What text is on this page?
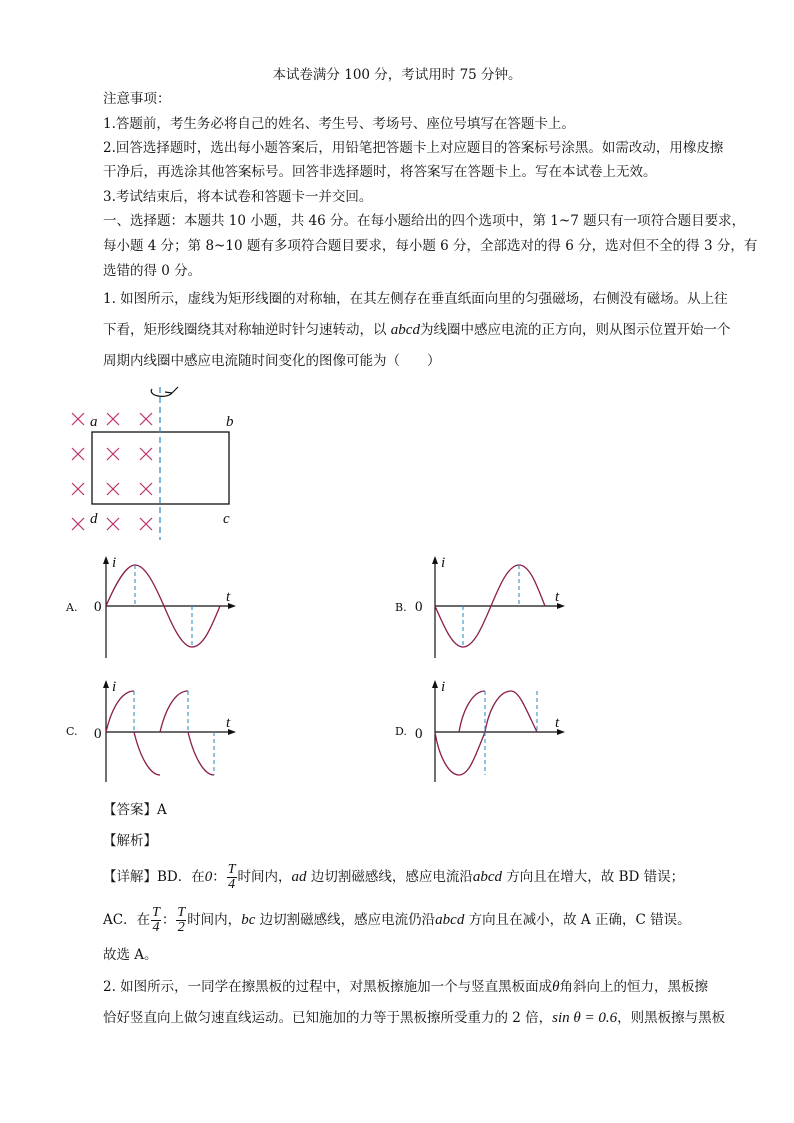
本试卷满分 100 分，考试用时 75 分钟。
注意事项：
1.答题前，考生务必将自己的姓名、考生号、考场号、座位号填写在答题卡上。
2.回答选择题时，选出每小题答案后，用铅笔把答题卡上对应题目的答案标号涂黑。如需改动，用橡皮擦
干净后，再选涂其他答案标号。回答非选择题时，将答案写在答题卡上。写在本试卷上无效。
3.考试结束后，将本试卷和答题卡一并交回。
一、选择题：本题共 10 小题，共 46 分。在每小题给出的四个选项中，第 1~7 题只有一项符合题目要求，
每小题 4 分；第 8~10 题有多项符合题目要求，每小题 6 分，全部选对的得 6 分，选对但不全的得 3 分，有
选错的得 0 分。
1. 如图所示，虚线为矩形线圈的对称轴，在其左侧存在垂直纸面向里的匀强磁场，右侧没有磁场。从上往
下看，矩形线圈绕其对称轴逆时针匀速转动，以 abcd为线圈中感应电流的正方向，则从图示位置开始一个
周期内线圈中感应电流随时间变化的图像可能为（　　）
a	b
d	c
A.
i
t
0	B.
i
t
0
C.
i
t
0	D.
i
t
0
【答案】A
【解析】
【详解】BD．在0： $\frac{T}{4}$ 时间内，ad 边切割磁感线，感应电流沿abcd 方向且在增大，故 BD 错误；
AC．在 $\frac{T}{4}$ ： $\frac{T}{2}$ 时间内，bc 边切割磁感线，感应电流仍沿abcd 方向且在减小，故 A 正确，C 错误。
故选 A。
2. 如图所示，一同学在擦黑板的过程中，对黑板擦施加一个与竖直黑板面成θ角斜向上的恒力，黑板擦
恰好竖直向上做匀速直线运动。已知施加的力等于黑板擦所受重力的 2 倍，sin θ = 0.6，则黑板擦与黑板
